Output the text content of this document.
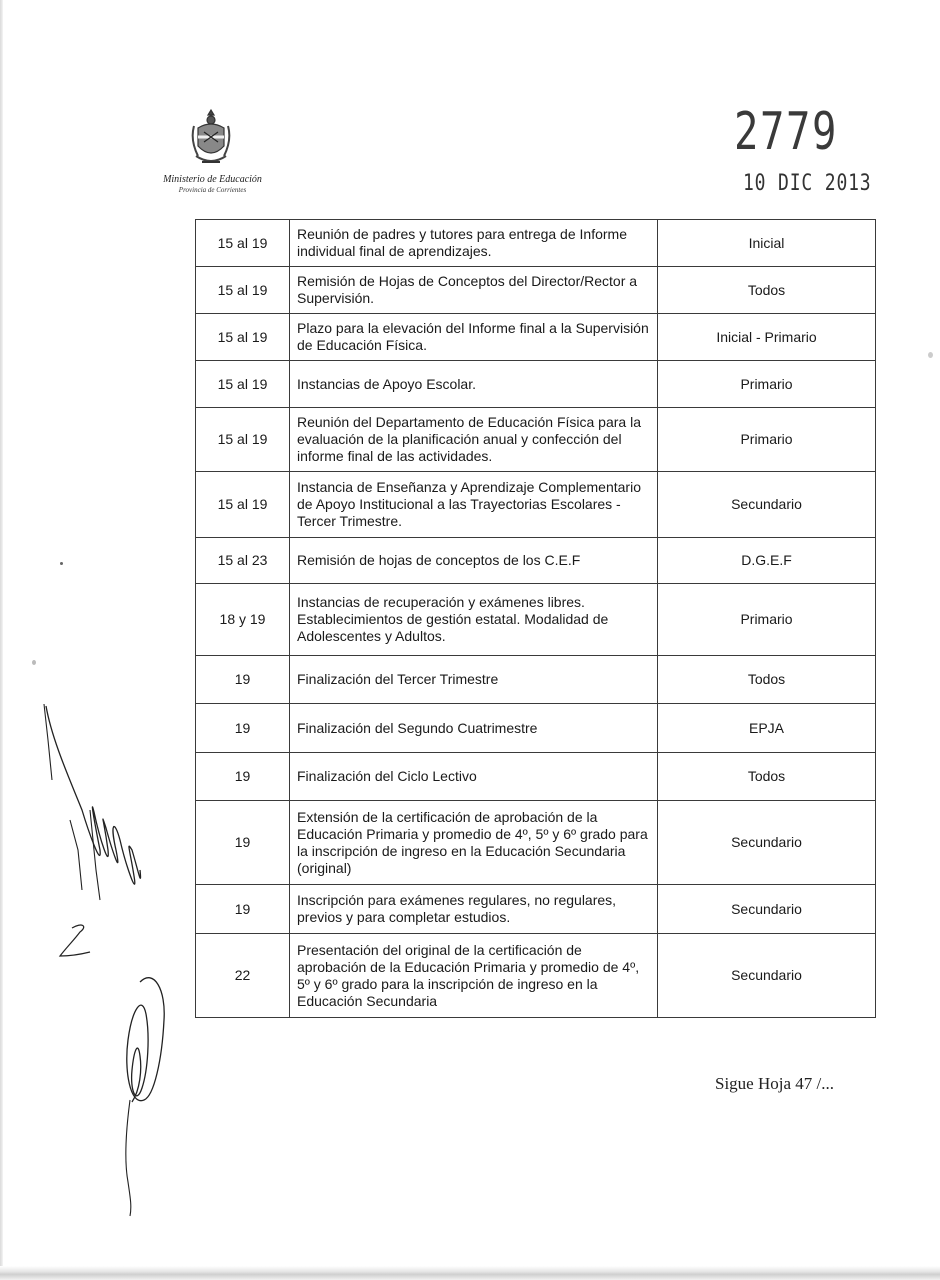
Ministerio de Educación
Provincia de Corrientes
2779
10 DIC 2013
15 al 19	Reunión de padres y tutores para entrega de Informe individual final de aprendizajes.	Inicial
15 al 19	Remisión de Hojas de Conceptos del Director/Rector a Supervisión.	Todos
15 al 19	Plazo para la elevación del Informe final a la Supervisión de Educación Física.	Inicial - Primario
15 al 19	Instancias de Apoyo Escolar.	Primario
15 al 19	Reunión del Departamento de Educación Física para la evaluación de la planificación anual y confección del informe final de las actividades.	Primario
15 al 19	Instancia de Enseñanza y Aprendizaje Complementario de Apoyo Institucional a las Trayectorias Escolares - Tercer Trimestre.	Secundario
15 al 23	Remisión de hojas de conceptos de los C.E.F	D.G.E.F
18 y 19	Instancias de recuperación y exámenes libres. Establecimientos de gestión estatal. Modalidad de Adolescentes y Adultos.	Primario
19	Finalización del Tercer Trimestre	Todos
19	Finalización del Segundo Cuatrimestre	EPJA
19	Finalización del Ciclo Lectivo	Todos
19	Extensión de la certificación de aprobación de la Educación Primaria y promedio de 4º, 5º y 6º grado para la inscripción de ingreso en la Educación Secundaria (original)	Secundario
19	Inscripción para exámenes regulares, no regulares, previos y para completar estudios.	Secundario
22	Presentación del original de la certificación de aprobación de la Educación Primaria y promedio de 4º, 5º y 6º grado para la inscripción de ingreso en la Educación Secundaria	Secundario
Sigue Hoja 47 /...
